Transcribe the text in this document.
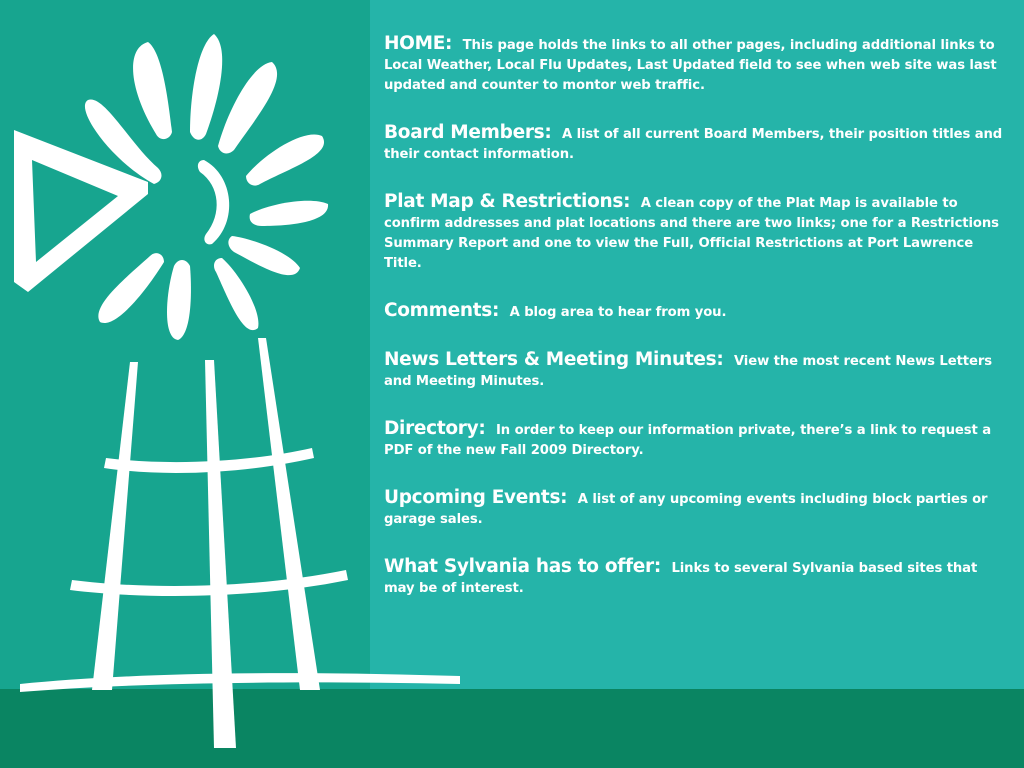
HOME: This page holds the links to all other pages, including additional links to Local Weather, Local Flu Updates, Last Updated field to see when web site was last updated and counter to montor web traffic.

Board Members: A list of all current Board Members, their position titles and their contact information.

Plat Map & Restrictions: A clean copy of the Plat Map is available to confirm addresses and plat locations and there are two links; one for a Restrictions Summary Report and one to view the Full, Official Restrictions at Port Lawrence Title.

Comments: A blog area to hear from you.

News Letters & Meeting Minutes: View the most recent News Letters and Meeting Minutes.

Directory: In order to keep our information private, there’s a link to request a PDF of the new Fall 2009 Directory.

Upcoming Events: A list of any upcoming events including block parties or garage sales.

What Sylvania has to offer: Links to several Sylvania based sites that may be of interest.
